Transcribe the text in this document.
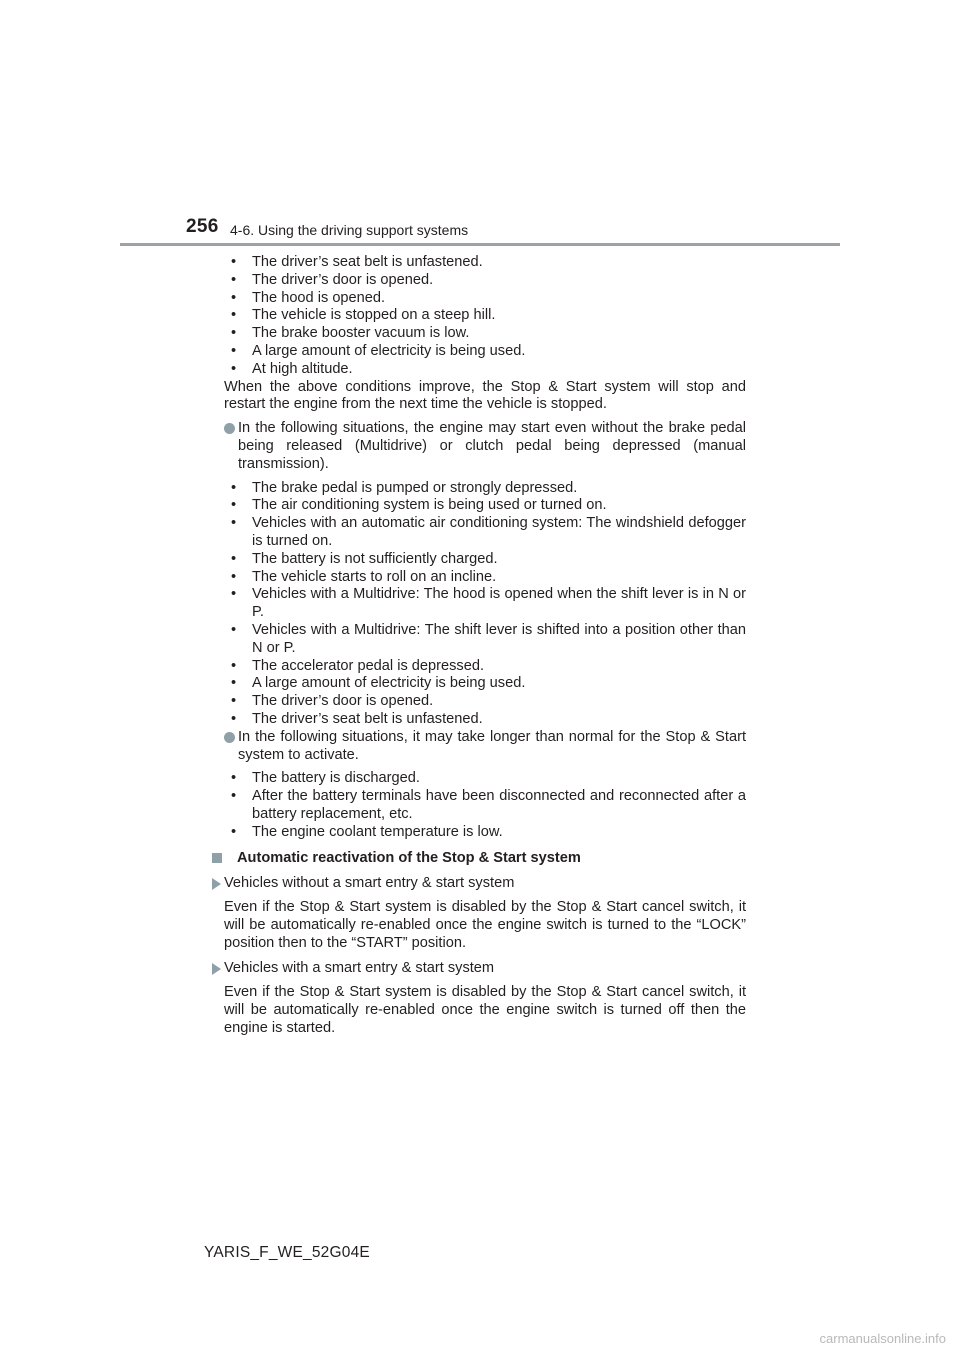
256 4-6. Using the driving support systems
• The driver’s seat belt is unfastened.
• The driver’s door is opened.
• The hood is opened.
• The vehicle is stopped on a steep hill.
• The brake booster vacuum is low.
• A large amount of electricity is being used.
• At high altitude.

When the above conditions improve, the Stop & Start system will stop and restart the engine from the next time the vehicle is stopped.

In the following situations, the engine may start even without the brake pedal being released (Multidrive) or clutch pedal being depressed (manual transmission).
• The brake pedal is pumped or strongly depressed.
• The air conditioning system is being used or turned on.
• Vehicles with an automatic air conditioning system: The windshield defogger is turned on.
• The battery is not sufficiently charged.
• The vehicle starts to roll on an incline.
• Vehicles with a Multidrive: The hood is opened when the shift lever is in N or P.
• Vehicles with a Multidrive: The shift lever is shifted into a position other than N or P.
• The accelerator pedal is depressed.
• A large amount of electricity is being used.
• The driver’s door is opened.
• The driver’s seat belt is unfastened.
In the following situations, it may take longer than normal for the Stop & Start system to activate.
• The battery is discharged.
• After the battery terminals have been disconnected and reconnected after a battery replacement, etc.
• The engine coolant temperature is low.
Automatic reactivation of the Stop & Start system
Vehicles without a smart entry & start system

Even if the Stop & Start system is disabled by the Stop & Start cancel switch, it will be automatically re-enabled once the engine switch is turned to the “LOCK” position then to the “START” position.

Vehicles with a smart entry & start system

Even if the Stop & Start system is disabled by the Stop & Start cancel switch, it will be automatically re-enabled once the engine switch is turned off then the engine is started.

YARIS_F_WE_52G04E
carmanualsonline.info
